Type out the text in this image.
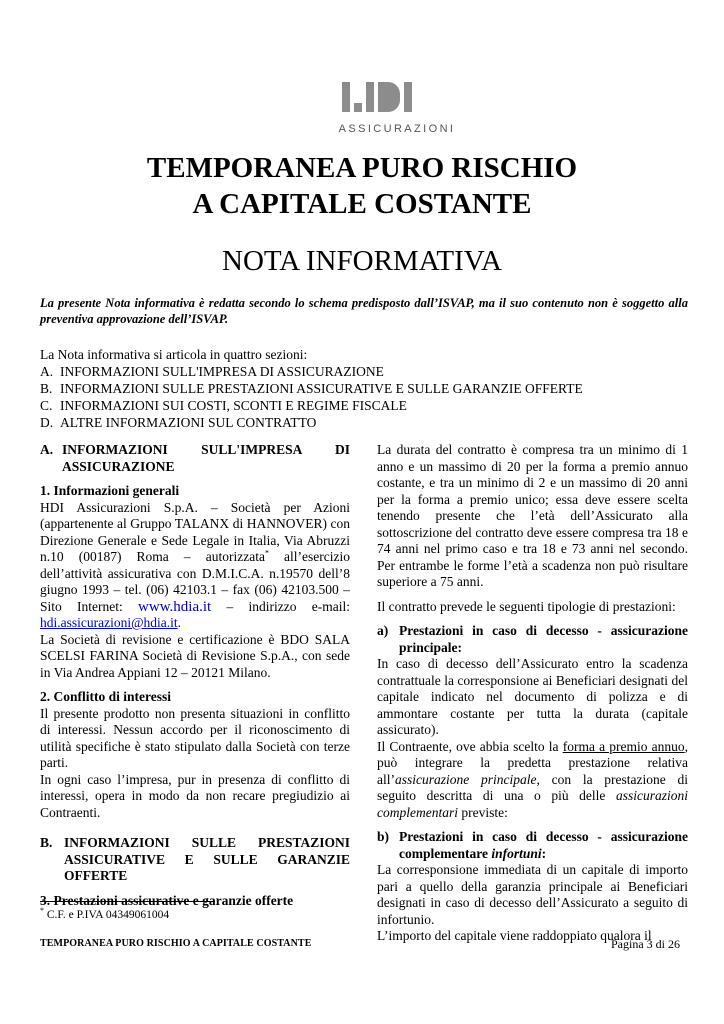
ASSICURAZIONI
TEMPORANEA PURO RISCHIO
A CAPITALE COSTANTE
NOTA INFORMATIVA
La presente Nota informativa è redatta secondo lo schema predisposto dall’ISVAP, ma il suo contenuto non è soggetto alla preventiva approvazione dell’ISVAP.
La Nota informativa si articola in quattro sezioni:
A. INFORMAZIONI SULL'IMPRESA DI ASSICURAZIONE
B. INFORMAZIONI SULLE PRESTAZIONI ASSICURATIVE E SULLE GARANZIE OFFERTE
C. INFORMAZIONI SUI COSTI, SCONTI E REGIME FISCALE
D. ALTRE INFORMAZIONI SUL CONTRATTO
A. INFORMAZIONI SULL'IMPRESA DI ASSICURAZIONE
1. Informazioni generali
HDI Assicurazioni S.p.A. – Società per Azioni (appartenente al Gruppo TALANX di HANNOVER) con Direzione Generale e Sede Legale in Italia, Via Abruzzi n.10 (00187) Roma – autorizzata* all’esercizio dell’attività assicurativa con D.M.I.C.A. n.19570 dell’8 giugno 1993 – tel. (06) 42103.1 – fax (06) 42103.500 – Sito Internet: www.hdia.it – indirizzo e-mail: hdi.assicurazioni@hdia.it.
La Società di revisione e certificazione è BDO SALA SCELSI FARINA Società di Revisione S.p.A., con sede in Via Andrea Appiani 12 – 20121 Milano.
2. Conflitto di interessi
Il presente prodotto non presenta situazioni in conflitto di interessi. Nessun accordo per il riconoscimento di utilità specifiche è stato stipulato dalla Società con terze parti.
In ogni caso l’impresa, pur in presenza di conflitto di interessi, opera in modo da non recare pregiudizio ai Contraenti.
B. INFORMAZIONI SULLE PRESTAZIONI ASSICURATIVE E SULLE GARANZIE OFFERTE
3. Prestazioni assicurative e garanzie offerte
La durata del contratto è compresa tra un minimo di 1 anno e un massimo di 20 per la forma a premio annuo costante, e tra un minimo di 2 e un massimo di 20 anni per la forma a premio unico; essa deve essere scelta tenendo presente che l’età dell’Assicurato alla sottoscrizione del contratto deve essere compresa tra 18 e 74 anni nel primo caso e tra 18 e 73 anni nel secondo. Per entrambe le forme l’età a scadenza non può risultare superiore a 75 anni.
Il contratto prevede le seguenti tipologie di prestazioni:
a) Prestazioni in caso di decesso - assicurazione principale:
In caso di decesso dell’Assicurato entro la scadenza contrattuale la corresponsione ai Beneficiari designati del capitale indicato nel documento di polizza e di ammontare costante per tutta la durata (capitale assicurato).
Il Contraente, ove abbia scelto la forma a premio annuo, può integrare la predetta prestazione relativa all’assicurazione principale, con la prestazione di seguito descritta di una o più delle assicurazioni complementari previste:
b) Prestazioni in caso di decesso - assicurazione complementare infortuni:
La corresponsione immediata di un capitale di importo pari a quello della garanzia principale ai Beneficiari designati in caso di decesso dell’Assicurato a seguito di infortunio.
L’importo del capitale viene raddoppiato qualora il
* C.F. e P.IVA 04349061004
TEMPORANEA PURO RISCHIO A CAPITALE COSTANTE	Pagina 3 di 26
